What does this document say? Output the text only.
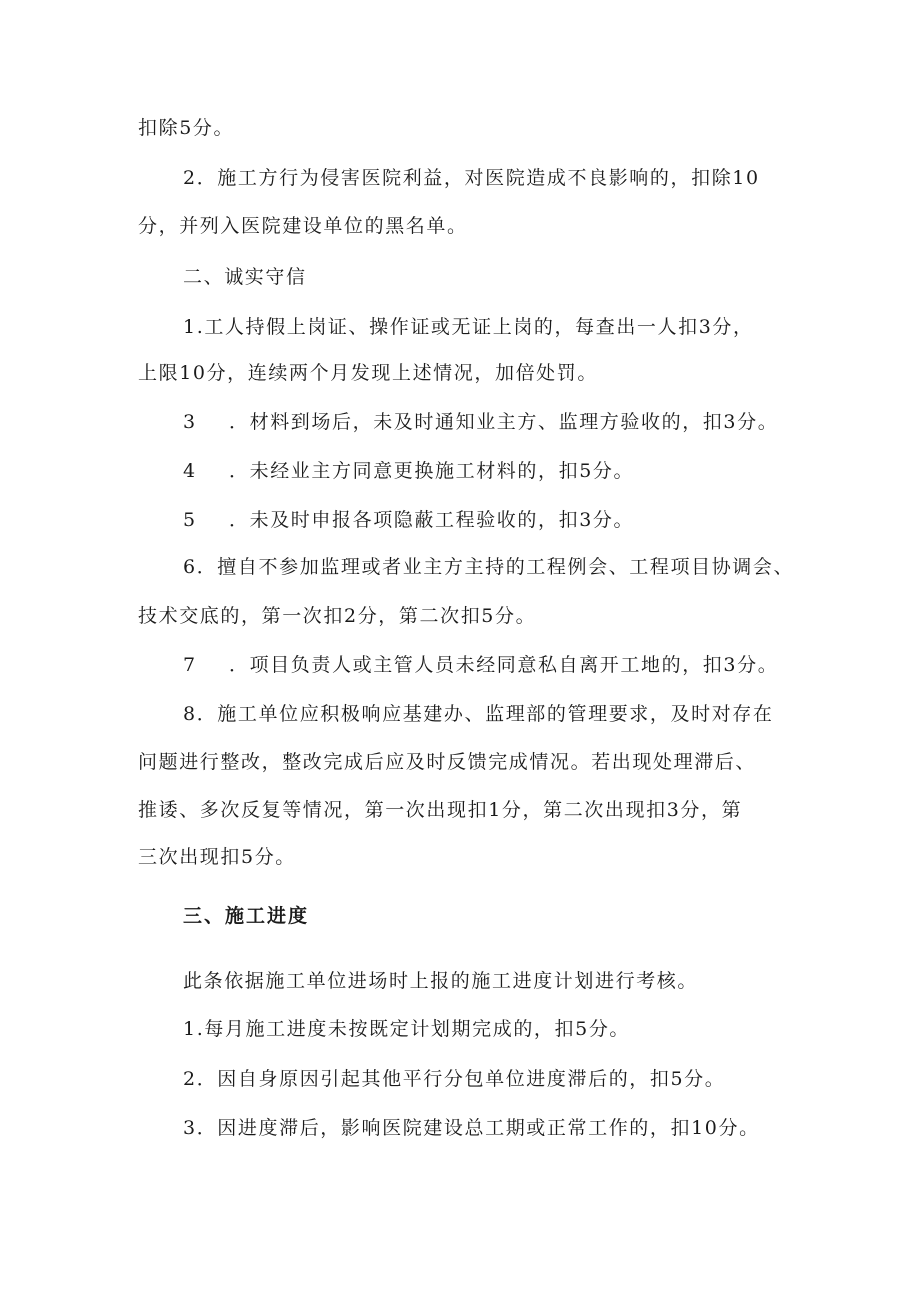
扣除5分。
2．施工方行为侵害医院利益，对医院造成不良影响的，扣除10
分，并列入医院建设单位的黑名单。
二、诚实守信
1.工人持假上岗证、操作证或无证上岗的，每查出一人扣3分，
上限10分，连续两个月发现上述情况，加倍处罚。
3 ．材料到场后，未及时通知业主方、监理方验收的，扣3分。
4 ．未经业主方同意更换施工材料的，扣5分。
5 ．未及时申报各项隐蔽工程验收的，扣3分。
6．擅自不参加监理或者业主方主持的工程例会、工程项目协调会、
技术交底的，第一次扣2分，第二次扣5分。
7 ．项目负责人或主管人员未经同意私自离开工地的，扣3分。
8．施工单位应积极响应基建办、监理部的管理要求，及时对存在
问题进行整改，整改完成后应及时反馈完成情况。若出现处理滞后、
推诿、多次反复等情况，第一次出现扣1分，第二次出现扣3分，第
三次出现扣5分。
三、施工进度
此条依据施工单位进场时上报的施工进度计划进行考核。
1.每月施工进度未按既定计划期完成的，扣5分。
2．因自身原因引起其他平行分包单位进度滞后的，扣5分。
3．因进度滞后，影响医院建设总工期或正常工作的，扣10分。
